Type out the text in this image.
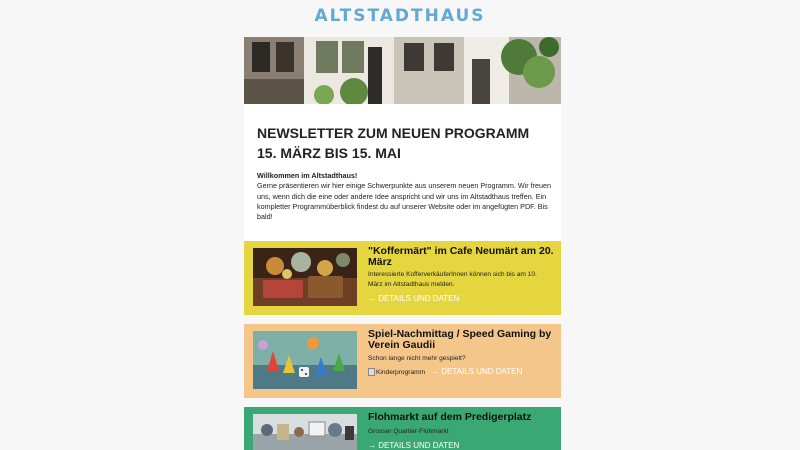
ALTSTADTHAUS
NEWSLETTER ZUM NEUEN PROGRAMM
15. MÄRZ BIS 15. MAI
Willkommen im Altstadthaus!
Gerne präsentieren wir hier einige Schwerpunkte aus unserem neuen Programm. Wir freuen uns, wenn dich die eine oder andere Idee anspricht und wir uns im Altstadthaus treffen. Ein kompletter Programmüberblick findest du auf unserer Website oder im angefügten PDF. Bis bald!
"Koffermärt" im Cafe Neumärt am 20. März
Interessierte KofferverkäuferInnen können sich bis am 10. März im Altstadthaus melden.
→ DETAILS UND DATEN
Spiel-Nachmittag / Speed Gaming by Verein Gaudii
Schon lange nicht mehr gespielt?
Kinderprogramm → DETAILS UND DATEN
Flohmarkt auf dem Predigerplatz
Grosser Quartier-Flohmarkt
→ DETAILS UND DATEN
